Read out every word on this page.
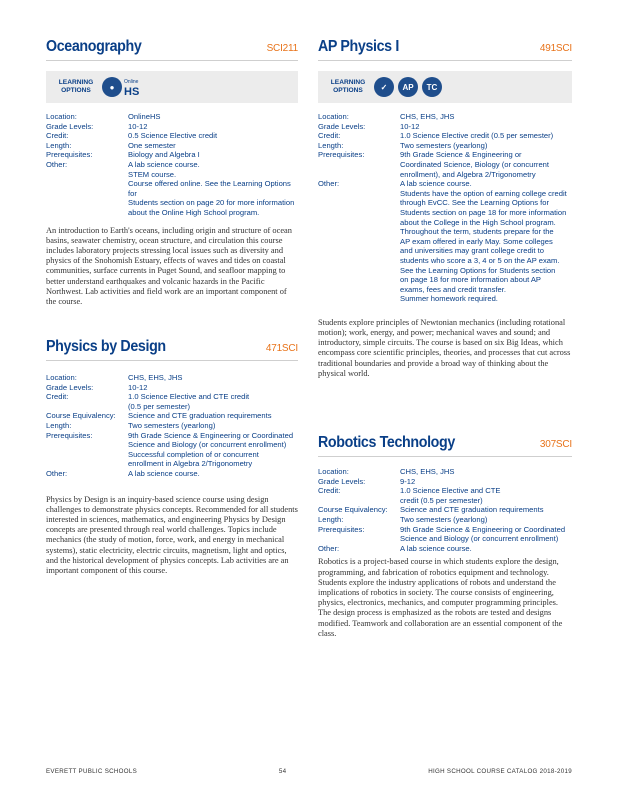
Oceanography	SCI211
LEARNING OPTIONS	●
Online
HS
Location:	OnlineHS
Grade Levels:	10-12
Credit:	0.5 Science Elective credit
Length:	One semester
Prerequisites:	Biology and Algebra I
Other:	A lab science course.
STEM course.
Course offered online. See the Learning Options for
Students section on page 20 for more information
about the Online High School program.

An introduction to Earth's oceans, including origin and structure of ocean basins, seawater chemistry, ocean structure, and circulation this course includes laboratory projects stressing local issues such as diversity and physics of the Snohomish Estuary, effects of waves and tides on coastal communities, surface currents in Puget Sound, and seafloor mapping to better understand earthquakes and volcanic hazards in the Pacific Northwest. Lab activities and field work are an important component of the course.

Physics by Design	471SCI
Location:	CHS, EHS, JHS
Grade Levels:	10-12
Credit:	1.0 Science Elective and CTE credit
(0.5 per semester)
Course Equivalency:	Science and CTE graduation requirements
Length:	Two semesters (yearlong)
Prerequisites:	9th Grade Science & Engineering or Coordinated
Science and Biology (or concurrent enrollment)
Successful completion of or concurrent
enrollment in Algebra 2/Trigonometry
Other:	A lab science course.

Physics by Design is an inquiry-based science course using design challenges to demonstrate physics concepts. Recommended for all students interested in sciences, mathematics, and engineering Physics by Design concepts are presented through real world challenges. Topics include mechanics (the study of motion, force, work, and energy in mechanical systems), static electricity, electric circuits, magnetism, light and optics, and the historical development of physics concepts. Lab activities are an important component of this course.

AP Physics I	491SCI
LEARNING OPTIONS	✓	AP	TC
Location:	CHS, EHS, JHS
Grade Levels:	10-12
Credit:	1.0 Science Elective credit (0.5 per semester)
Length:	Two semesters (yearlong)
Prerequisites:	9th Grade Science & Engineering or
Coordinated Science, Biology (or concurrent
enrollment), and Algebra 2/Trigonometry
Other:	A lab science course.
Students have the option of earning college credit
through EvCC. See the Learning Options for
Students section on page 18 for more information
about the College in the High School program.
Throughout the term, students prepare for the
AP exam offered in early May. Some colleges
and universities may grant college credit to
students who score a 3, 4 or 5 on the AP exam.
See the Learning Options for Students section
on page 18 for more information about AP
exams, fees and credit transfer.
Summer homework required.

Students explore principles of Newtonian mechanics (including rotational motion); work, energy, and power; mechanical waves and sound; and introductory, simple circuits. The course is based on six Big Ideas, which encompass core scientific principles, theories, and processes that cut across traditional boundaries and provide a broad way of thinking about the physical world.

Robotics Technology	307SCI
Location:	CHS, EHS, JHS
Grade Levels:	9-12
Credit:	1.0 Science Elective and CTE
credit (0.5 per semester)
Course Equivalency:	Science and CTE graduation requirements
Length:	Two semesters (yearlong)
Prerequisites:	9th Grade Science & Engineering or Coordinated
Science and Biology (or concurrent enrollment)
Other:	A lab science course.

Robotics is a project-based course in which students explore the design, programming, and fabrication of robotics equipment and technology. Students explore the industry applications of robots and understand the implications of robotics in society. The course consists of engineering, physics, electronics, mechanics, and computer programming principles. The design process is emphasized as the robots are tested and designs modified. Teamwork and collaboration are an essential component of the class.

EVERETT PUBLIC SCHOOLS	54	HIGH SCHOOL COURSE CATALOG 2018-2019
